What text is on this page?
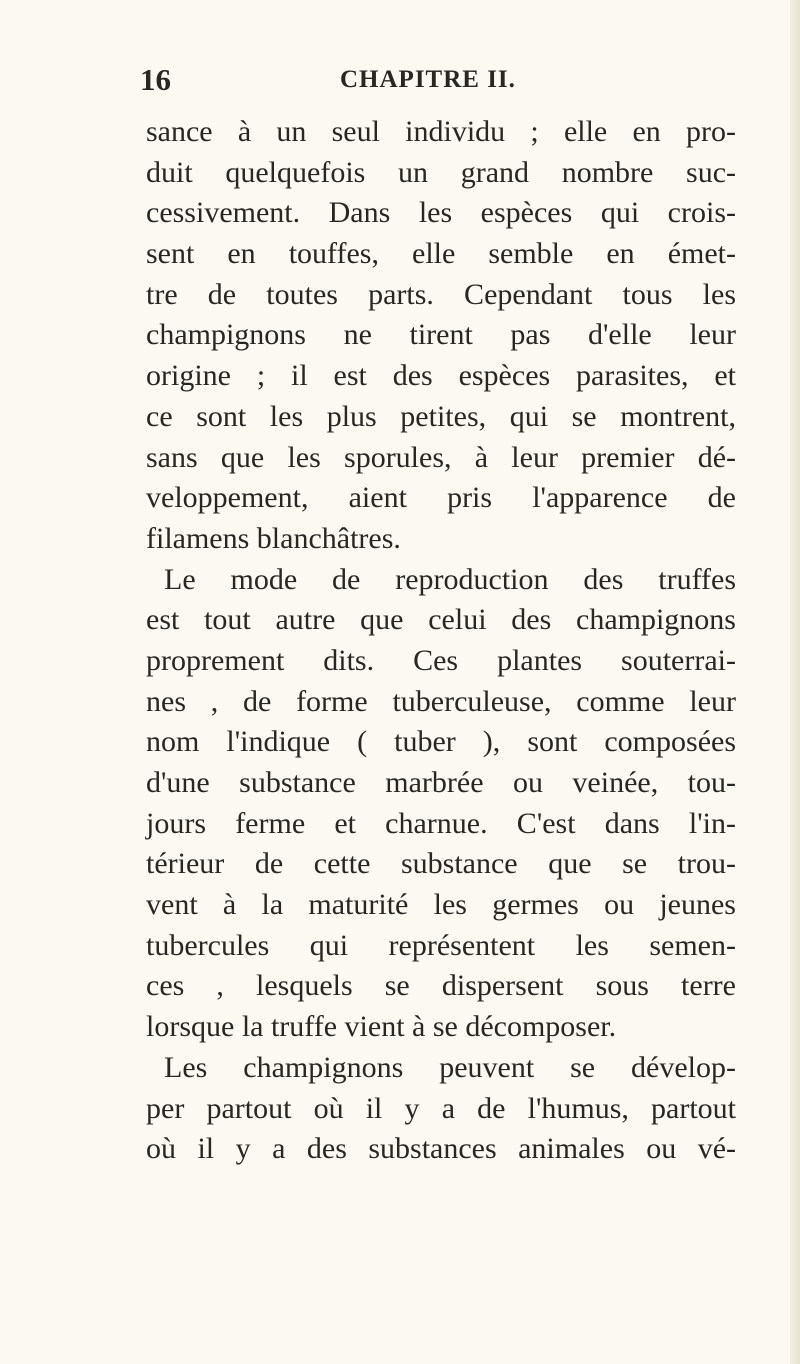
16	CHAPITRE II.
sance à un seul individu ; elle en pro-
duit quelquefois un grand nombre suc-
cessivement. Dans les espèces qui crois-
sent en touffes, elle semble en émet-
tre de toutes parts. Cependant tous les
champignons ne tirent pas d'elle leur
origine ; il est des espèces parasites, et
ce sont les plus petites, qui se montrent,
sans que les sporules, à leur premier dé-
veloppement, aient pris l'apparence de
filamens blanchâtres.
Le mode de reproduction des truffes
est tout autre que celui des champignons
proprement dits. Ces plantes souterrai-
nes , de forme tuberculeuse, comme leur
nom l'indique ( tuber ), sont composées
d'une substance marbrée ou veinée, tou-
jours ferme et charnue. C'est dans l'in-
térieur de cette substance que se trou-
vent à la maturité les germes ou jeunes
tubercules qui représentent les semen-
ces , lesquels se dispersent sous terre
lorsque la truffe vient à se décomposer.
Les champignons peuvent se dévelop-
per partout où il y a de l'humus, partout
où il y a des substances animales ou vé-
